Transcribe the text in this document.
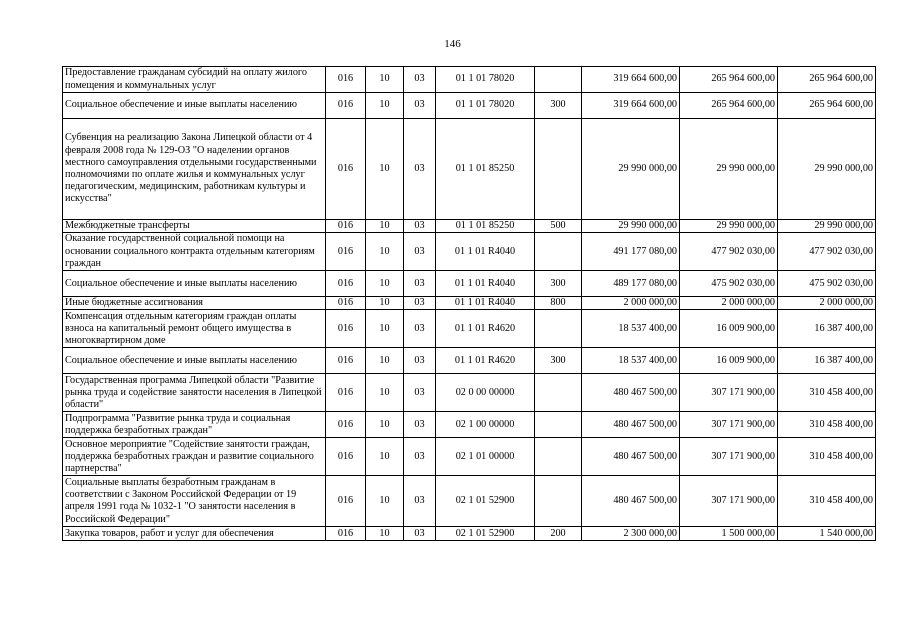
146
Предоставление гражданам субсидий на оплату жилого помещения и коммунальных услуг	016	10	03	01 1 01 78020		319 664 600,00	265 964 600,00	265 964 600,00
Социальное обеспечение и иные выплаты населению	016	10	03	01 1 01 78020	300	319 664 600,00	265 964 600,00	265 964 600,00
Субвенция на реализацию Закона Липецкой области от 4 февраля 2008 года № 129-ОЗ "О наделении органов местного самоуправления отдельными государственными полномочиями по оплате жилья и коммунальных услуг педагогическим, медицинским, работникам культуры и искусства"	016	10	03	01 1 01 85250		29 990 000,00	29 990 000,00	29 990 000,00
Межбюджетные трансферты	016	10	03	01 1 01 85250	500	29 990 000,00	29 990 000,00	29 990 000,00
Оказание государственной социальной помощи на основании социального контракта отдельным категориям граждан	016	10	03	01 1 01 R4040		491 177 080,00	477 902 030,00	477 902 030,00
Социальное обеспечение и иные выплаты населению	016	10	03	01 1 01 R4040	300	489 177 080,00	475 902 030,00	475 902 030,00
Иные бюджетные ассигнования	016	10	03	01 1 01 R4040	800	2 000 000,00	2 000 000,00	2 000 000,00
Компенсация отдельным категориям граждан оплаты взноса на капитальный ремонт общего имущества в многоквартирном доме	016	10	03	01 1 01 R4620		18 537 400,00	16 009 900,00	16 387 400,00
Социальное обеспечение и иные выплаты населению	016	10	03	01 1 01 R4620	300	18 537 400,00	16 009 900,00	16 387 400,00
Государственная программа Липецкой области "Развитие рынка труда и содействие занятости населения в Липецкой области"	016	10	03	02 0 00 00000		480 467 500,00	307 171 900,00	310 458 400,00
Подпрограмма "Развитие рынка труда и социальная поддержка безработных граждан"	016	10	03	02 1 00 00000		480 467 500,00	307 171 900,00	310 458 400,00
Основное мероприятие "Содействие занятости граждан, поддержка безработных граждан и развитие социального партнерства"	016	10	03	02 1 01 00000		480 467 500,00	307 171 900,00	310 458 400,00
Социальные выплаты безработным гражданам в соответствии с Законом Российской Федерации от 19 апреля 1991 года № 1032-1 "О занятости населения в Российской Федерации"	016	10	03	02 1 01 52900		480 467 500,00	307 171 900,00	310 458 400,00
Закупка товаров, работ и услуг для обеспечения	016	10	03	02 1 01 52900	200	2 300 000,00	1 500 000,00	1 540 000,00
